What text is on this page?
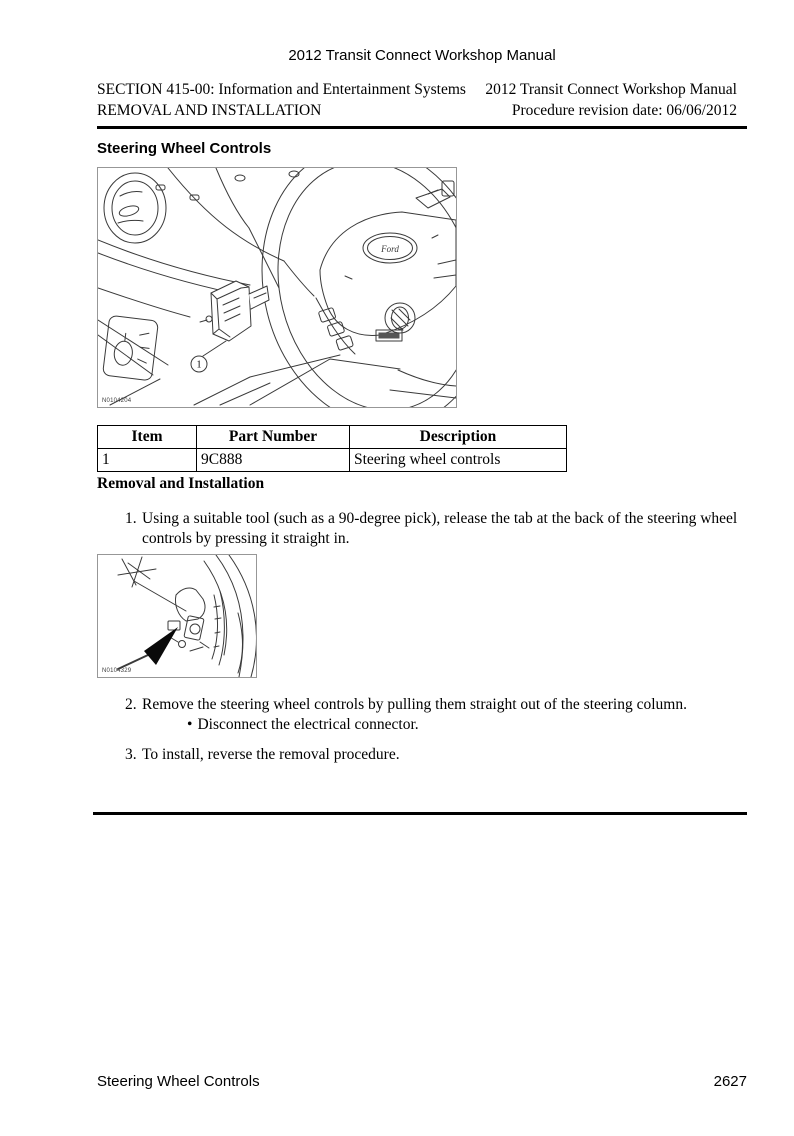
2012 Transit Connect Workshop Manual
SECTION 415-00: Information and Entertainment Systems
REMOVAL AND INSTALLATION
2012 Transit Connect Workshop Manual
Procedure revision date: 06/06/2012
Steering Wheel Controls
Ford
1
N0104204
Item	Part Number	Description
1	9C888	Steering wheel controls
Removal and Installation
1. Using a suitable tool (such as a 90-degree pick), release the tab at the back of the steering wheel controls by pressing it straight in.
N0104329
2. Remove the steering wheel controls by pulling them straight out of the steering column.
• Disconnect the electrical connector.
3. To install, reverse the removal procedure.
Steering Wheel Controls	2627
